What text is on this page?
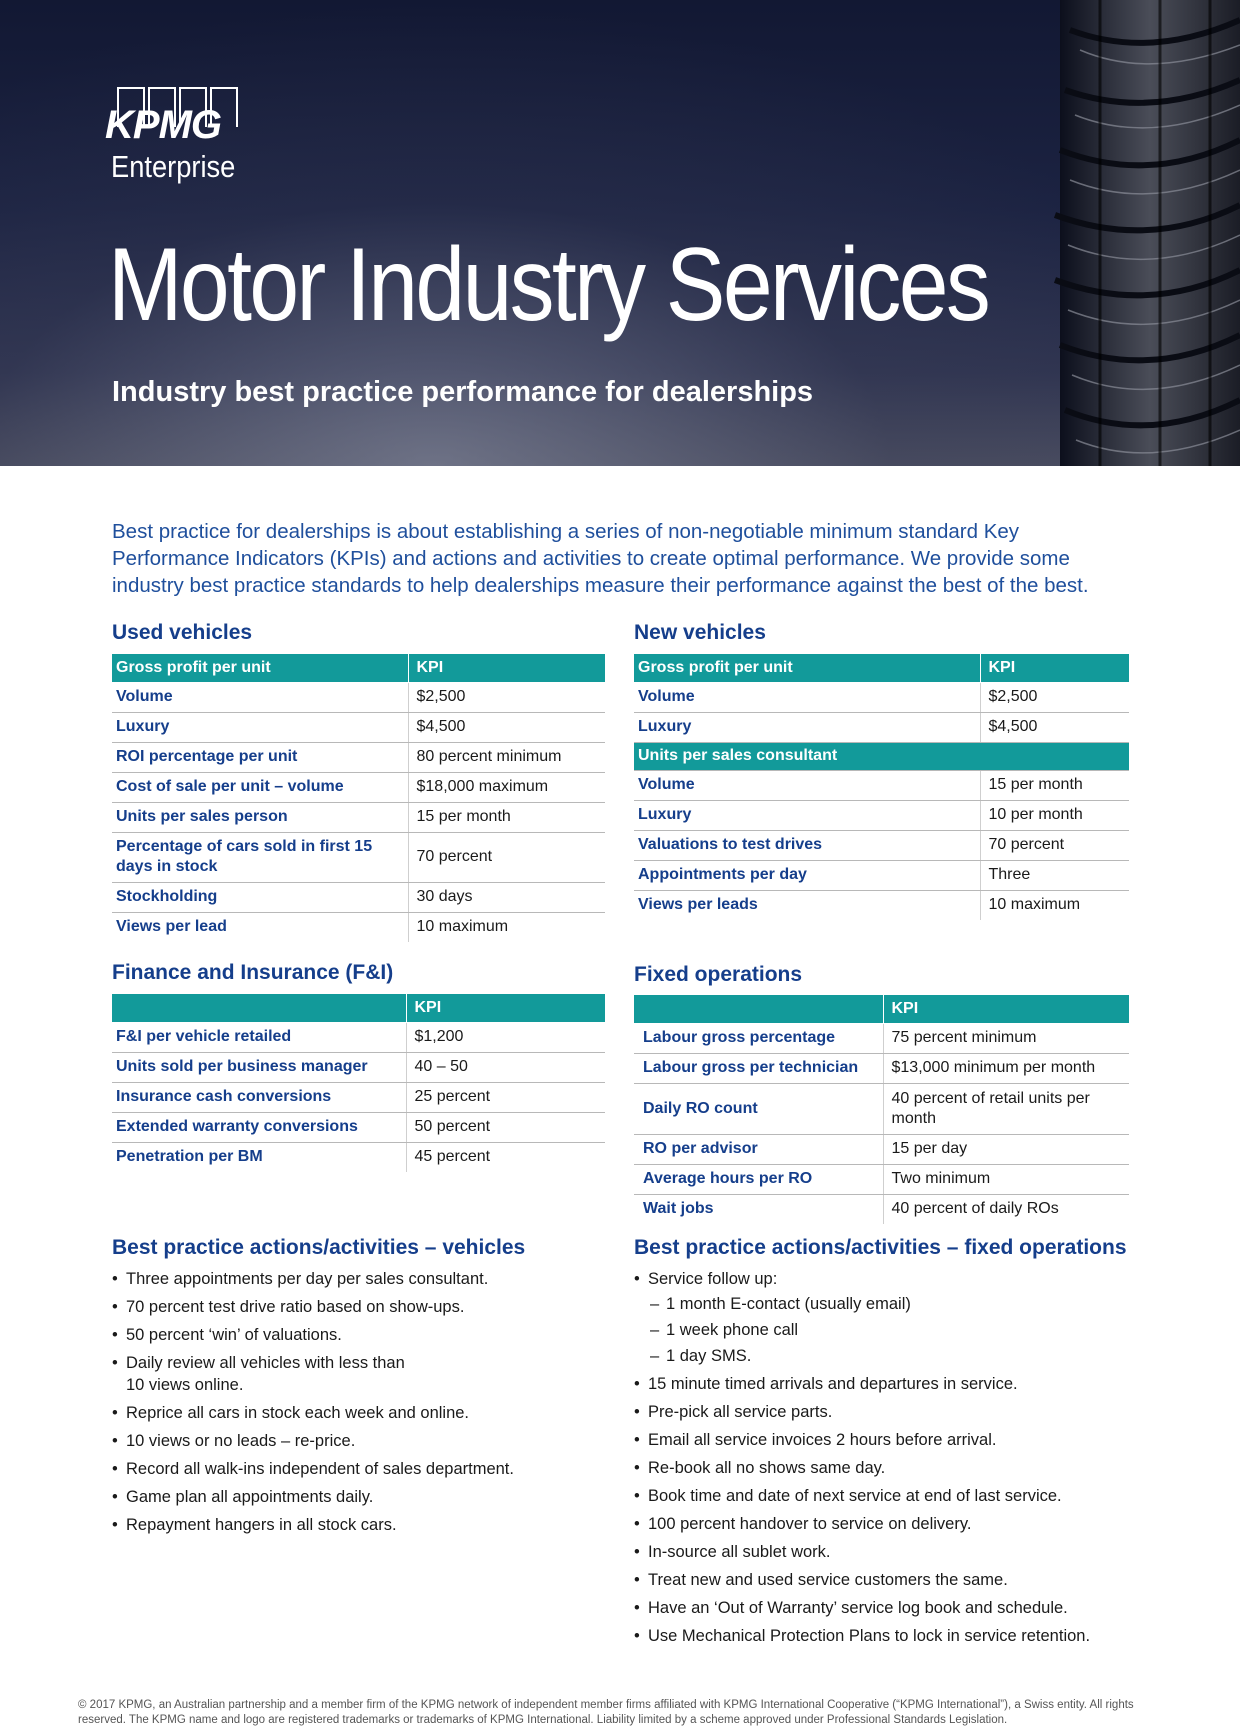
KPMG
Enterprise
Motor Industry Services
Industry best practice performance for dealerships

Best practice for dealerships is about establishing a series of non-negotiable minimum standard Key Performance Indicators (KPIs) and actions and activities to create optimal performance. We provide some industry best practice standards to help dealerships measure their performance against the best of the best.

Used vehicles
Gross profit per unit	KPI
Volume	$2,500
Luxury	$4,500
ROI percentage per unit	80 percent minimum
Cost of sale per unit – volume	$18,000 maximum
Units per sales person	15 per month
Percentage of cars sold in first 15 days in stock	70 percent
Stockholding	30 days
Views per lead	10 maximum
New vehicles
Gross profit per unit	KPI
Volume	$2,500
Luxury	$4,500
Units per sales consultant	
Volume	15 per month
Luxury	10 per month
Valuations to test drives	70 percent
Appointments per day	Three
Views per leads	10 maximum
Finance and Insurance (F&I)
	KPI
F&I per vehicle retailed	$1,200
Units sold per business manager	40 – 50
Insurance cash conversions	25 percent
Extended warranty conversions	50 percent
Penetration per BM	45 percent
Fixed operations
	KPI
Labour gross percentage	75 percent minimum
Labour gross per technician	$13,000 minimum per month
Daily RO count	40 percent of retail units per month
RO per advisor	15 per day
Average hours per RO	Two minimum
Wait jobs	40 percent of daily ROs
Best practice actions/activities – vehicles
• Three appointments per day per sales consultant.
• 70 percent test drive ratio based on show-ups.
• 50 percent ‘win’ of valuations.
• Daily review all vehicles with less than 10 views online.
• Reprice all cars in stock each week and online.
• 10 views or no leads – re-price.
• Record all walk-ins independent of sales department.
• Game plan all appointments daily.
• Repayment hangers in all stock cars.
Best practice actions/activities – fixed operations
• Service follow up:
– 1 month E-contact (usually email)
– 1 week phone call
– 1 day SMS.
• 15 minute timed arrivals and departures in service.
• Pre-pick all service parts.
• Email all service invoices 2 hours before arrival.
• Re-book all no shows same day.
• Book time and date of next service at end of last service.
• 100 percent handover to service on delivery.
• In-source all sublet work.
• Treat new and used service customers the same.
• Have an ‘Out of Warranty’ service log book and schedule.
• Use Mechanical Protection Plans to lock in service retention.
© 2017 KPMG, an Australian partnership and a member firm of the KPMG network of independent member firms affiliated with KPMG International Cooperative (“KPMG International”), a Swiss entity. All rights reserved. The KPMG name and logo are registered trademarks or trademarks of KPMG International. Liability limited by a scheme approved under Professional Standards Legislation.
